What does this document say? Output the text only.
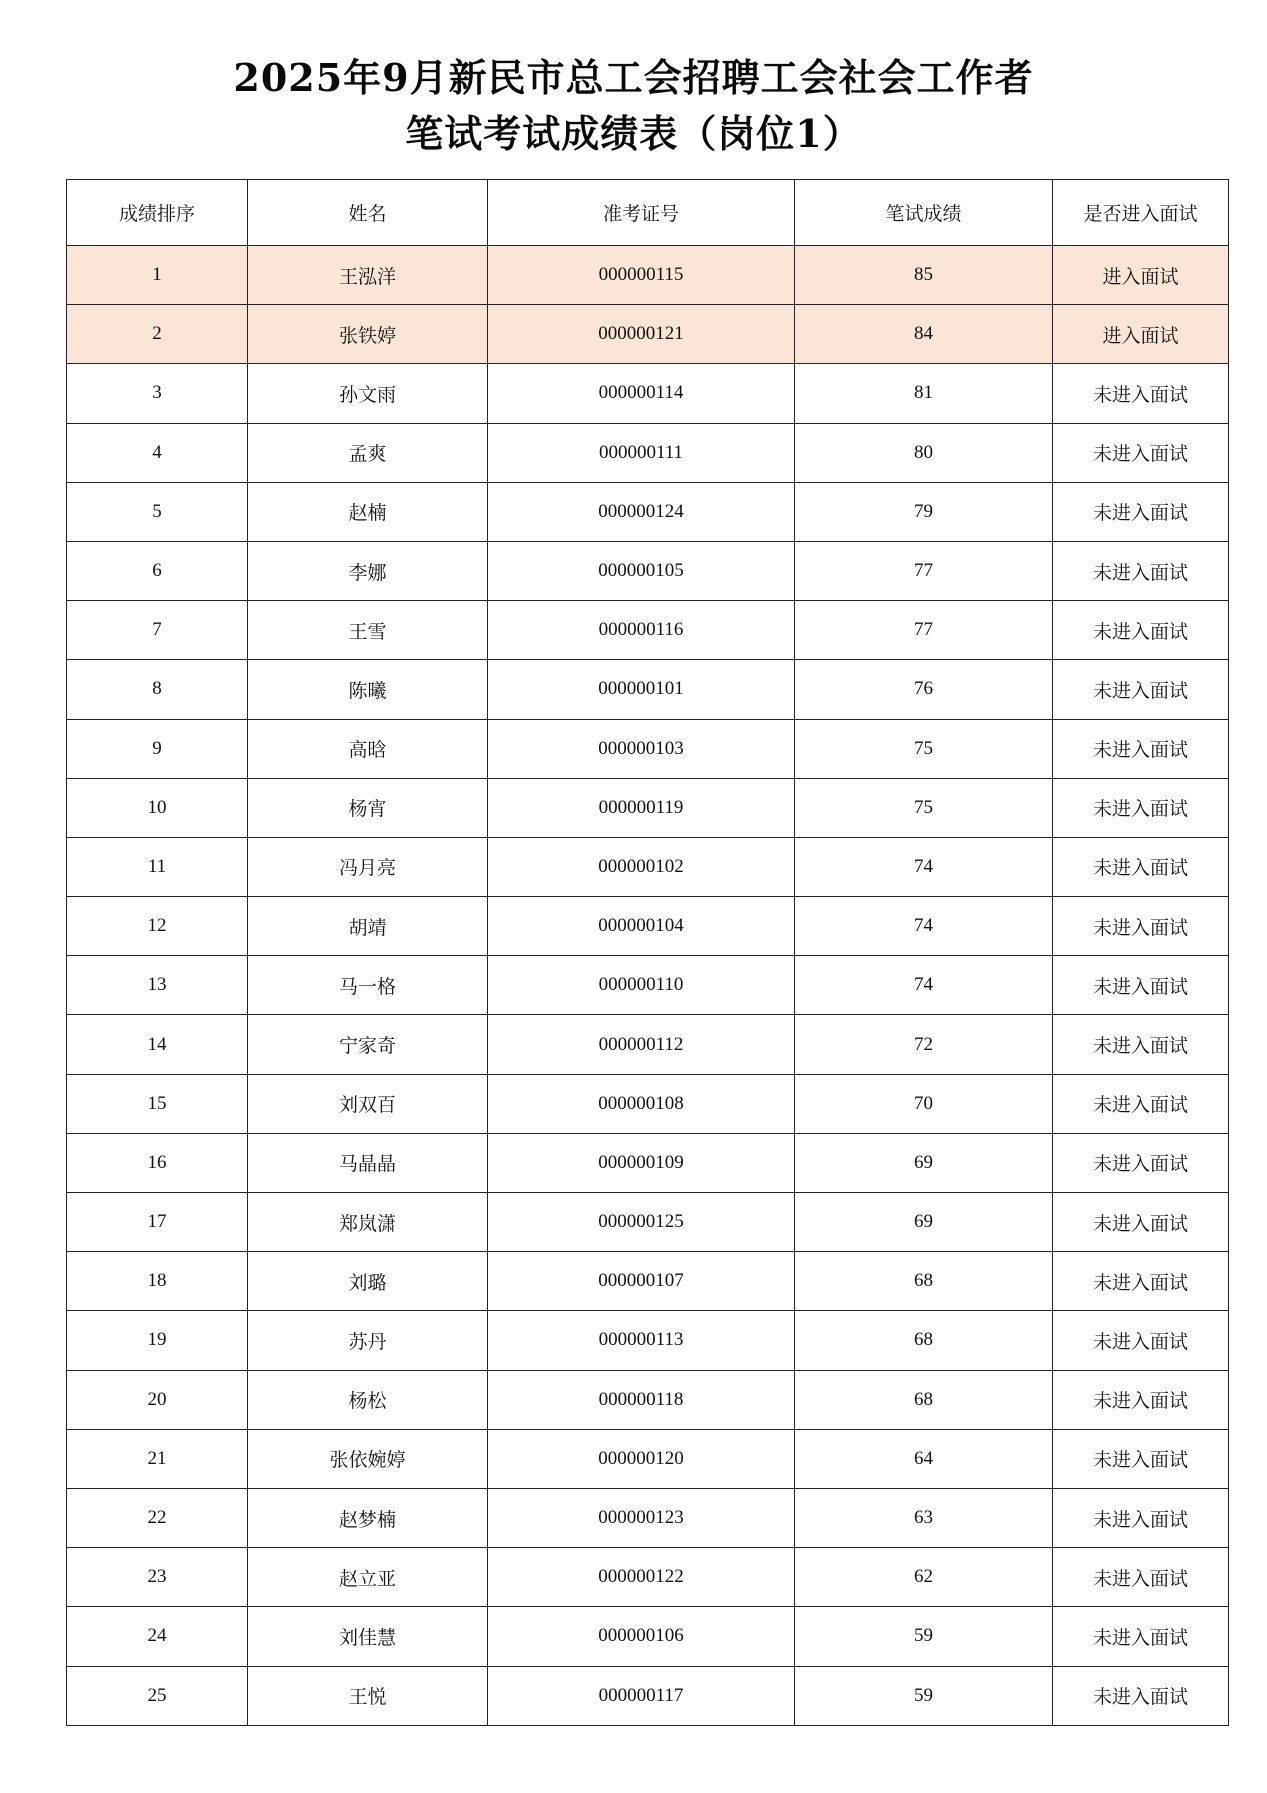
2025年9月新民市总工会招聘工会社会工作者
笔试考试成绩表（岗位1）
成绩排序	姓名	准考证号	笔试成绩	是否进入面试
1	王泓洋	000000115	85	进入面试
2	张铁婷	000000121	84	进入面试
3	孙文雨	000000114	81	未进入面试
4	孟爽	000000111	80	未进入面试
5	赵楠	000000124	79	未进入面试
6	李娜	000000105	77	未进入面试
7	王雪	000000116	77	未进入面试
8	陈曦	000000101	76	未进入面试
9	高晗	000000103	75	未进入面试
10	杨宵	000000119	75	未进入面试
11	冯月亮	000000102	74	未进入面试
12	胡靖	000000104	74	未进入面试
13	马一格	000000110	74	未进入面试
14	宁家奇	000000112	72	未进入面试
15	刘双百	000000108	70	未进入面试
16	马晶晶	000000109	69	未进入面试
17	郑岚潇	000000125	69	未进入面试
18	刘璐	000000107	68	未进入面试
19	苏丹	000000113	68	未进入面试
20	杨松	000000118	68	未进入面试
21	张依婉婷	000000120	64	未进入面试
22	赵梦楠	000000123	63	未进入面试
23	赵立亚	000000122	62	未进入面试
24	刘佳慧	000000106	59	未进入面试
25	王悦	000000117	59	未进入面试
